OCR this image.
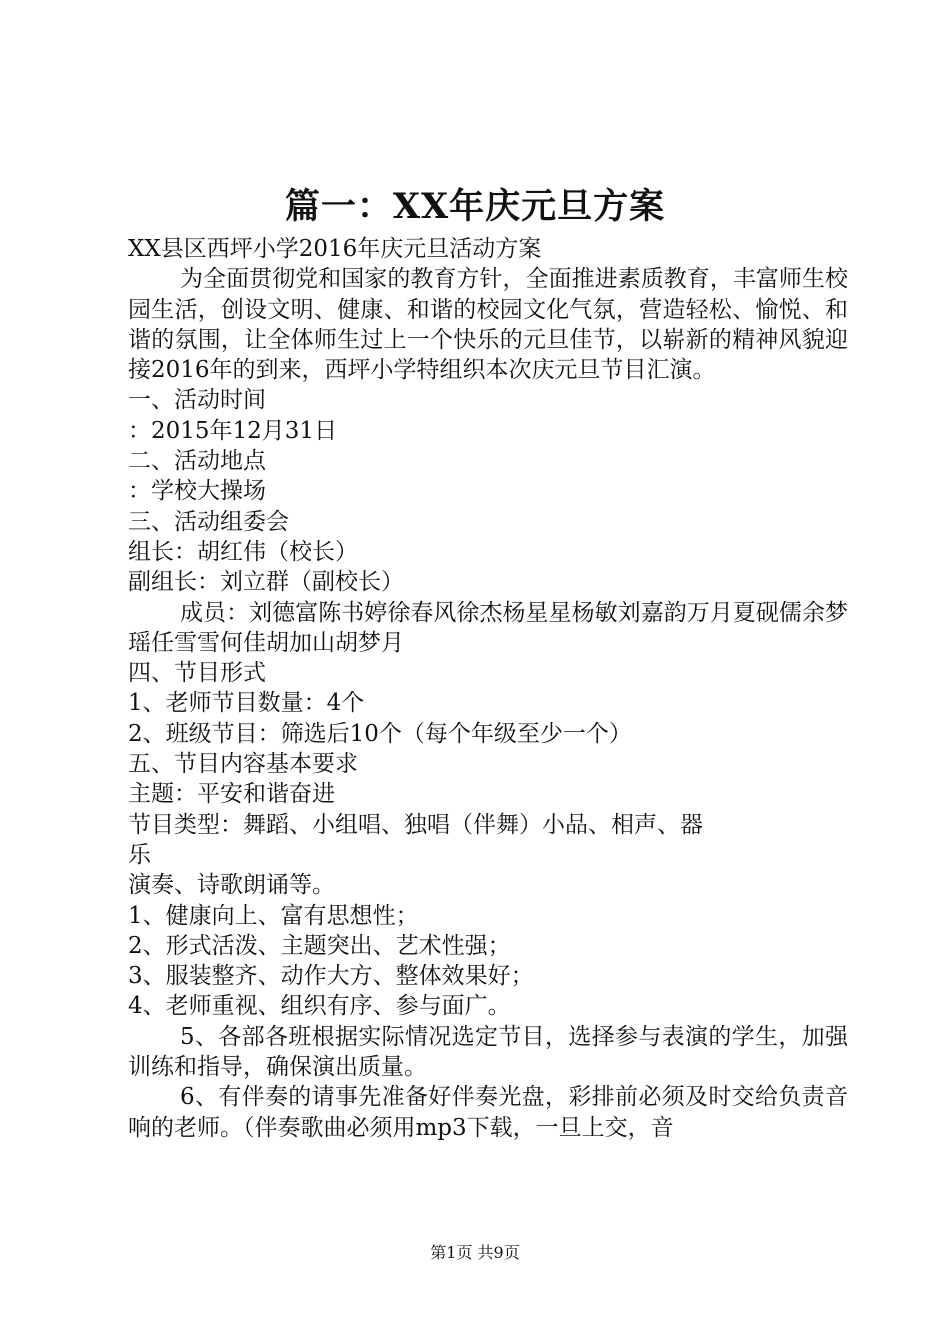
篇一：XX年庆元旦方案

XX县区西坪小学2016年庆元旦活动方案

为全面贯彻党和国家的教育方针，全面推进素质教育，丰富师生校园生活，创设文明、健康、和谐的校园文化气氛，营造轻松、愉悦、和谐的氛围，让全体师生过上一个快乐的元旦佳节，以崭新的精神风貌迎接2016年的到来，西坪小学特组织本次庆元旦节目汇演。

一、活动时间

：2015年12月31日

二、活动地点

：学校大操场

三、活动组委会

组长：胡红伟（校长）

副组长：刘立群（副校长）

成员：刘德富陈书婷徐春风徐杰杨星星杨敏刘嘉韵万月夏砚儒余梦瑶任雪雪何佳胡加山胡梦月

四、节目形式

1、老师节目数量：4个

2、班级节目：筛选后10个（每个年级至少一个）

五、节目内容基本要求

主题：平安和谐奋进

节目类型：舞蹈、小组唱、独唱（伴舞）小品、相声、器

乐

演奏、诗歌朗诵等。

1、健康向上、富有思想性；

2、形式活泼、主题突出、艺术性强；

3、服装整齐、动作大方、整体效果好；

4、老师重视、组织有序、参与面广。

5、各部各班根据实际情况选定节目，选择参与表演的学生，加强训练和指导，确保演出质量。

6、有伴奏的请事先准备好伴奏光盘，彩排前必须及时交给负责音响的老师。（伴奏歌曲必须用mp3下载，一旦上交，音

第1页 共9页
